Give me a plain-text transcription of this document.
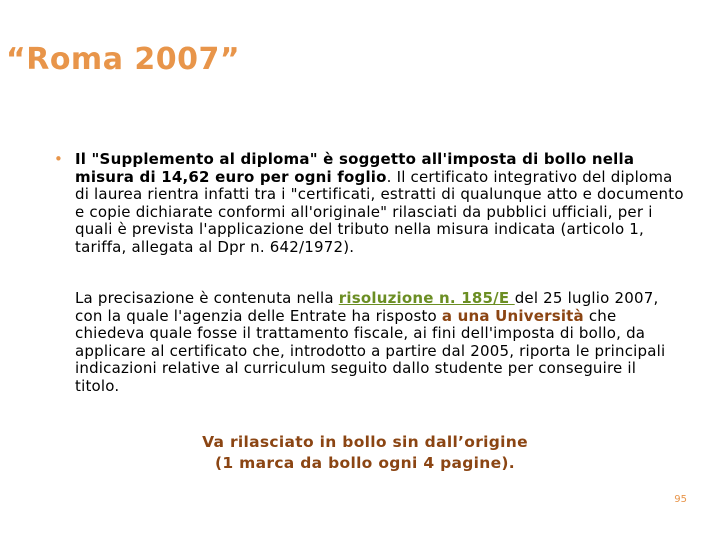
“Roma 2007”
• Il "Supplemento al diploma" è soggetto all'imposta di bollo nella misura di 14,62 euro per ogni foglio. Il certificato integrativo del diploma di laurea rientra infatti tra i "certificati, estratti di qualunque atto e documento e copie dichiarate conformi all'originale" rilasciati da pubblici ufficiali, per i quali è prevista l'applicazione del tributo nella misura indicata (articolo 1, tariffa, allegata al Dpr n. 642/1972).
La precisazione è contenuta nella risoluzione n. 185/E del 25 luglio 2007, con la quale l'agenzia delle Entrate ha risposto a una Università che chiedeva quale fosse il trattamento fiscale, ai fini dell'imposta di bollo, da applicare al certificato che, introdotto a partire dal 2005, riporta le principali indicazioni relative al curriculum seguito dallo studente per conseguire il titolo.
Va rilasciato in bollo sin dall’origine
(1 marca da bollo ogni 4 pagine).
95
